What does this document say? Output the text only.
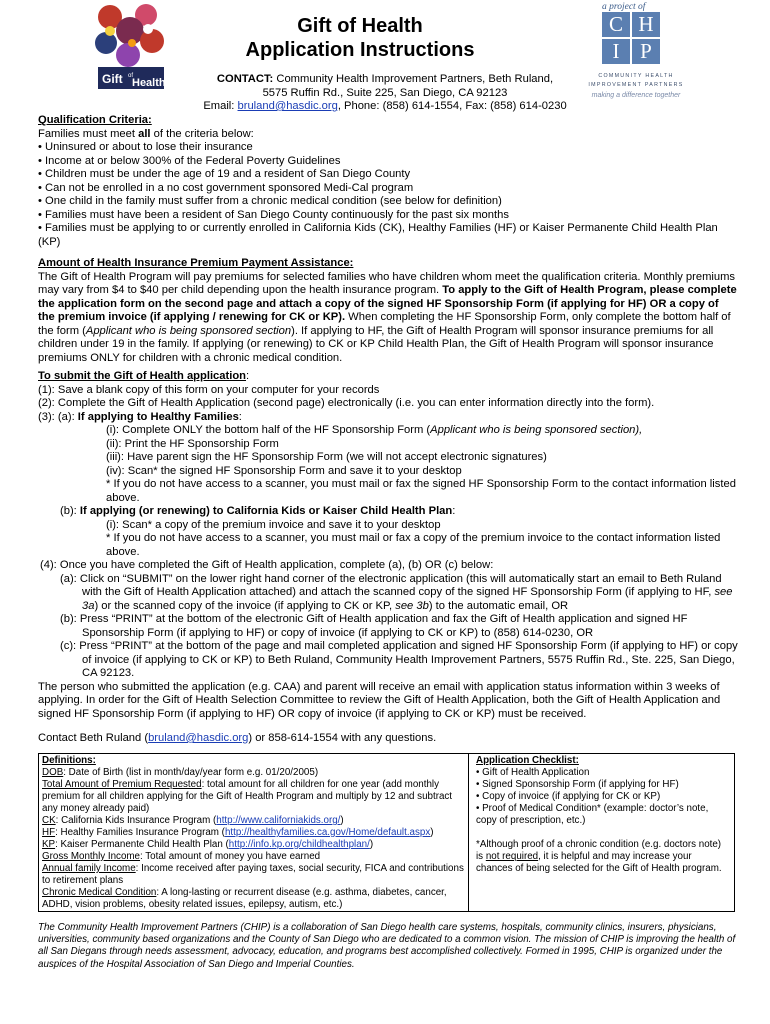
Gift of
Health
a project of
C H
I P
COMMUNITY HEALTH
IMPROVEMENT PARTNERS
making a difference together
Gift of Health
Application Instructions
CONTACT: Community Health Improvement Partners, Beth Ruland,
5575 Ruffin Rd., Suite 225, San Diego, CA 92123
Email: bruland@hasdic.org, Phone: (858) 614-1554, Fax: (858) 614-0230

Qualification Criteria:

Families must meet all of the criteria below:

• Uninsured or about to lose their insurance

• Income at or below 300% of the Federal Poverty Guidelines

• Children must be under the age of 19 and a resident of San Diego County

• Can not be enrolled in a no cost government sponsored Medi-Cal program

• One child in the family must suffer from a chronic medical condition (see below for definition)

• Families must have been a resident of San Diego County continuously for the past six months

• Families must be applying to or currently enrolled in California Kids (CK), Healthy Families (HF) or Kaiser Permanente Child Health Plan (KP)

Amount of Health Insurance Premium Payment Assistance:

The Gift of Health Program will pay premiums for selected families who have children whom meet the qualification criteria. Monthly premiums may vary from $4 to $40 per child depending upon the health insurance program. To apply to the Gift of Health Program, please complete the application form on the second page and attach a copy of the signed HF Sponsorship Form (if applying for HF) OR a copy of the premium invoice (if applying / renewing for CK or KP). When completing the HF Sponsorship Form, only complete the bottom half of the form (Applicant who is being sponsored section). If applying to HF, the Gift of Health Program will sponsor insurance premiums for all children under 19 in the family. If applying (or renewing) to CK or KP Child Health Plan, the Gift of Health Program will sponsor insurance premiums ONLY for children with a chronic medical condition.

To submit the Gift of Health application:

(1): Save a blank copy of this form on your computer for your records

(2): Complete the Gift of Health Application (second page) electronically (i.e. you can enter information directly into the form).

(3): (a): If applying to Healthy Families:

(i): Complete ONLY the bottom half of the HF Sponsorship Form (Applicant who is being sponsored section),

(ii): Print the HF Sponsorship Form

(iii): Have parent sign the HF Sponsorship Form (we will not accept electronic signatures)

(iv): Scan* the signed HF Sponsorship Form and save it to your desktop

* If you do not have access to a scanner, you must mail or fax the signed HF Sponsorship Form to the contact information listed above.

(b): If applying (or renewing) to California Kids or Kaiser Child Health Plan:

(i): Scan* a copy of the premium invoice and save it to your desktop

* If you do not have access to a scanner, you must mail or fax a copy of the premium invoice to the contact information listed above.

(4): Once you have completed the Gift of Health application, complete (a), (b) OR (c) below:

(a): Click on “SUBMIT” on the lower right hand corner of the electronic application (this will automatically start an email to Beth Ruland with the Gift of Health Application attached) and attach the scanned copy of the signed HF Sponsorship Form (if applying to HF, see 3a) or the scanned copy of the invoice (if applying to CK or KP, see 3b) to the automatic email, OR

(b): Press “PRINT” at the bottom of the electronic Gift of Health application and fax the Gift of Health application and signed HF Sponsorship Form (if applying to HF) or copy of invoice (if applying to CK or KP) to (858) 614-0230, OR

(c): Press “PRINT” at the bottom of the page and mail completed application and signed HF Sponsorship Form (if applying to HF) or copy of invoice (if applying to CK or KP) to Beth Ruland, Community Health Improvement Partners, 5575 Ruffin Rd., Ste. 225, San Diego, CA 92123.

The person who submitted the application (e.g. CAA) and parent will receive an email with application status information within 3 weeks of applying. In order for the Gift of Health Selection Committee to review the Gift of Health Application, both the Gift of Health Application and signed HF Sponsorship Form (if applying to HF) OR copy of invoice (if applying to CK or KP) must be received.

Contact Beth Ruland (bruland@hasdic.org) or 858-614-1554 with any questions.

Definitions:

DOB: Date of Birth (list in month/day/year form e.g. 01/20/2005)

Total Amount of Premium Requested: total amount for all children for one year (add monthly premium for all children applying for the Gift of Health Program and multiply by 12 and subtract any money already paid)

CK: California Kids Insurance Program (http://www.californiakids.org/)

HF: Healthy Families Insurance Program (http://healthyfamilies.ca.gov/Home/default.aspx)

KP: Kaiser Permanente Child Health Plan (http://info.kp.org/childhealthplan/)

Gross Monthly Income: Total amount of money you have earned

Annual family Income: Income received after paying taxes, social security, FICA and contributions to retirement plans

Chronic Medical Condition: A long-lasting or recurrent disease (e.g. asthma, diabetes, cancer, ADHD, vision problems, obesity related issues, epilepsy, autism, etc.)

Application Checklist:

• Gift of Health Application

• Signed Sponsorship Form (if applying for HF)

• Copy of invoice (if applying for CK or KP)

• Proof of Medical Condition* (example: doctor’s note, copy of prescription, etc.)

*Although proof of a chronic condition (e.g. doctors note) is not required, it is helpful and may increase your chances of being selected for the Gift of Health program.

The Community Health Improvement Partners (CHIP) is a collaboration of San Diego health care systems, hospitals, community clinics, insurers, physicians, universities, community based organizations and the County of San Diego who are dedicated to a common vision. The mission of CHIP is improving the health of all San Diegans through needs assessment, advocacy, education, and programs best accomplished collectively. Formed in 1995, CHIP is organized under the auspices of the Hospital Association of San Diego and Imperial Counties.
